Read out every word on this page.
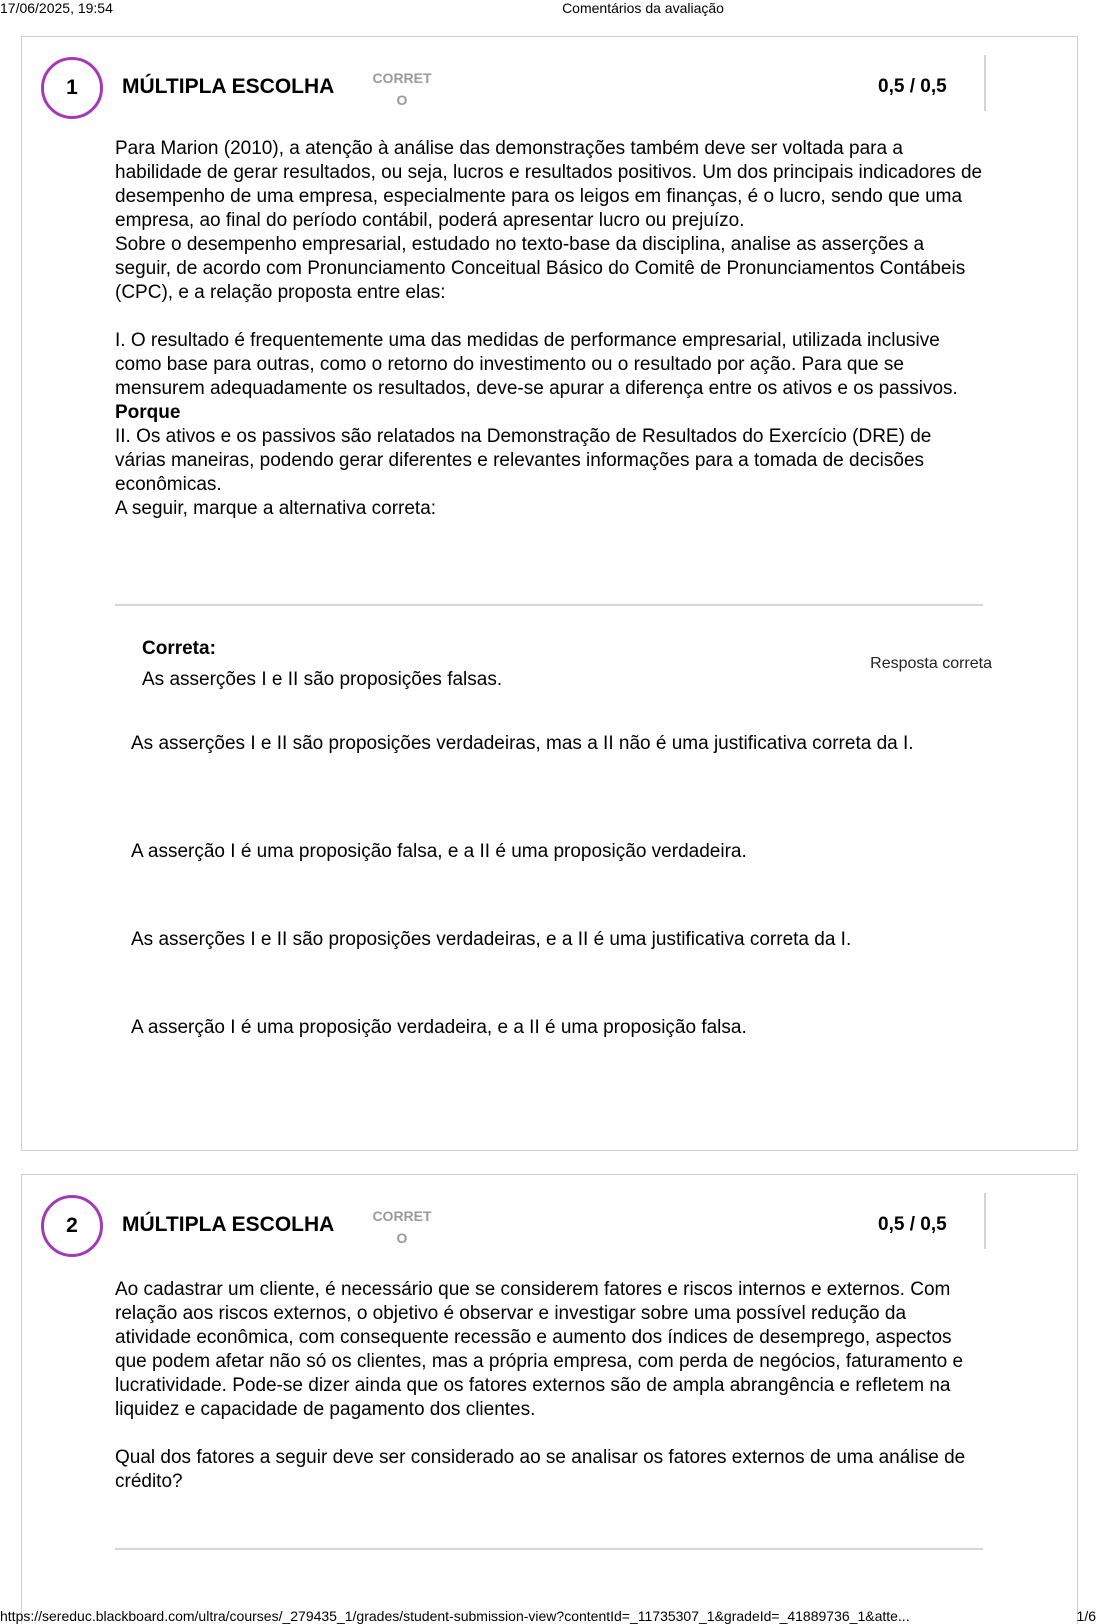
17/06/2025, 19:54	Comentários da avaliação
1	MÚLTIPLA ESCOLHA	CORRET
O
0,5 / 0,5

Para Marion (2010), a atenção à análise das demonstrações também deve ser voltada para a habilidade de gerar resultados, ou seja, lucros e resultados positivos. Um dos principais indicadores de desempenho de uma empresa, especialmente para os leigos em finanças, é o lucro, sendo que uma empresa, ao final do período contábil, poderá apresentar lucro ou prejuízo.

Sobre o desempenho empresarial, estudado no texto-base da disciplina, analise as asserções a seguir, de acordo com Pronunciamento Conceitual Básico do Comitê de Pronunciamentos Contábeis (CPC), e a relação proposta entre elas:

I. O resultado é frequentemente uma das medidas de performance empresarial, utilizada inclusive como base para outras, como o retorno do investimento ou o resultado por ação. Para que se mensurem adequadamente os resultados, deve-se apurar a diferença entre os ativos e os passivos.

Porque

II. Os ativos e os passivos são relatados na Demonstração de Resultados do Exercício (DRE) de várias maneiras, podendo gerar diferentes e relevantes informações para a tomada de decisões econômicas.

A seguir, marque a alternativa correta:

Correta:
As asserções I e II são proposições falsas.
Resposta correta
As asserções I e II são proposições verdadeiras, mas a II não é uma justificativa correta da I.
A asserção I é uma proposição falsa, e a II é uma proposição verdadeira.
As asserções I e II são proposições verdadeiras, e a II é uma justificativa correta da I.
A asserção I é uma proposição verdadeira, e a II é uma proposição falsa.
2	MÚLTIPLA ESCOLHA	CORRET
O
0,5 / 0,5

Ao cadastrar um cliente, é necessário que se considerem fatores e riscos internos e externos. Com relação aos riscos externos, o objetivo é observar e investigar sobre uma possível redução da atividade econômica, com consequente recessão e aumento dos índices de desemprego, aspectos que podem afetar não só os clientes, mas a própria empresa, com perda de negócios, faturamento e lucratividade. Pode-se dizer ainda que os fatores externos são de ampla abrangência e refletem na liquidez e capacidade de pagamento dos clientes.

Qual dos fatores a seguir deve ser considerado ao se analisar os fatores externos de uma análise de crédito?

https://sereduc.blackboard.com/ultra/courses/_279435_1/grades/student-submission-view?contentId=_11735307_1&gradeId=_41889736_1&atte...	1/6
